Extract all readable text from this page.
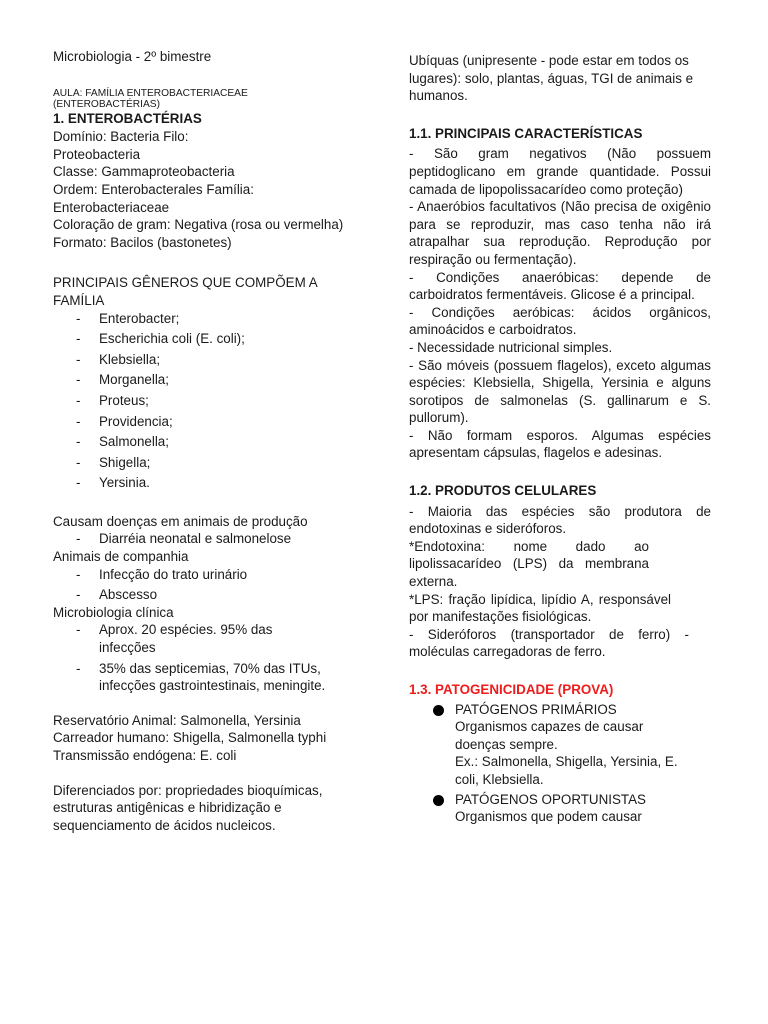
Microbiologia - 2º bimestre

AULA: FAMÍLIA ENTEROBACTERIACEAE

(ENTEROBACTÉRIAS)

1. ENTEROBACTÉRIAS

Domínio: Bacteria Filo:

Proteobacteria

Classe: Gammaproteobacteria

Ordem: Enterobacterales Família:

Enterobacteriaceae

Coloração de gram: Negativa (rosa ou vermelha)

Formato: Bacilos (bastonetes)

PRINCIPAIS GÊNEROS QUE COMPÕEM A

FAMÍLIA

- Enterobacter;
- Escherichia coli (E. coli);
- Klebsiella;
- Morganella;
- Proteus;
- Providencia;
- Salmonella;
- Shigella;
- Yersinia.

Causam doenças em animais de produção

- Diarréia neonatal e salmonelose

Animais de companhia

- Infecção do trato urinário
- Abscesso

Microbiologia clínica

- Aprox. 20 espécies. 95% das infecções
- 35% das septicemias, 70% das ITUs, infecções gastrointestinais, meningite.

Reservatório Animal: Salmonella, Yersinia

Carreador humano: Shigella, Salmonella typhi

Transmissão endógena: E. coli

Diferenciados por: propriedades bioquímicas, estruturas antigênicas e hibridização e sequenciamento de ácidos nucleicos.

Ubíquas (unipresente - pode estar em todos os lugares): solo, plantas, águas, TGI de animais e humanos.

1.1. PRINCIPAIS CARACTERÍSTICAS

- São gram negativos (Não possuem peptidoglicano em grande quantidade. Possui camada de lipopolissacarídeo como proteção)

- Anaeróbios facultativos (Não precisa de oxigênio para se reproduzir, mas caso tenha não irá atrapalhar sua reprodução. Reprodução por respiração ou fermentação).

- Condições anaeróbicas: depende de carboidratos fermentáveis. Glicose é a principal.

- Condições aeróbicas: ácidos orgânicos, aminoácidos e carboidratos.

- Necessidade nutricional simples.

- São móveis (possuem flagelos), exceto algumas espécies: Klebsiella, Shigella, Yersinia e alguns sorotipos de salmonelas (S. gallinarum e S. pullorum).

- Não formam esporos. Algumas espécies apresentam cápsulas, flagelos e adesinas.

1.2. PRODUTOS CELULARES

- Maioria das espécies são produtora de endotoxinas e sideróforos.

*Endotoxina: nome dado ao lipolissacarídeo (LPS) da membrana externa.

*LPS: fração lipídica, lipídio A, responsável por manifestações fisiológicas.

- Sideróforos (transportador de ferro) - moléculas carregadoras de ferro.

1.3. PATOGENICIDADE (PROVA)

PATÓGENOS PRIMÁRIOS
Organismos capazes de causar doenças sempre.
Ex.: Salmonella, Shigella, Yersinia, E. coli, Klebsiella.
PATÓGENOS OPORTUNISTAS
Organismos que podem causar
